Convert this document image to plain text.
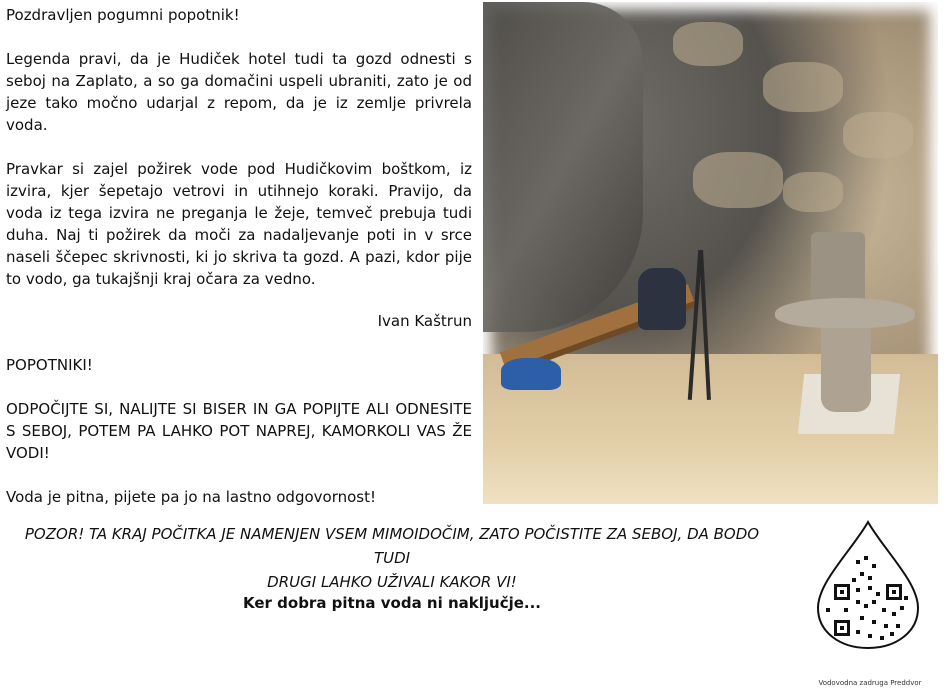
Pozdravljen pogumni popotnik!

Legenda pravi, da je Hudiček hotel tudi ta gozd odnesti s seboj na Zaplato, a so ga domačini uspeli ubraniti, zato je od jeze tako močno udarjal z repom, da je iz zemlje privrela voda.

Pravkar si zajel požirek vode pod Hudičkovim boštkom, iz izvira, kjer šepetajo vetrovi in utihnejo koraki. Pravijo, da voda iz tega izvira ne preganja le žeje, temveč prebuja tudi duha. Naj ti požirek da moči za nadaljevanje poti in v srce naseli ščepec skrivnosti, ki jo skriva ta gozd. A pazi, kdor pije to vodo, ga tukajšnji kraj očara za vedno.

Ivan Kaštrun

POPOTNIKI!

ODPOČIJTE SI, NALIJTE SI BISER IN GA POPIJTE ALI ODNESITE S SEBOJ, POTEM PA LAHKO POT NAPREJ, KAMORKOLI VAS ŽE VODI!

Voda je pitna, pijete pa jo na lastno odgovornost!

POZOR! TA KRAJ POČITKA JE NAMENJEN VSEM MIMOIDOČIM, ZATO POČISTITE ZA SEBOJ, DA BODO TUDI
DRUGI LAHKO UŽIVALI KAKOR VI!
Ker dobra pitna voda ni naključje...
Vodovodna zadruga Preddvor
